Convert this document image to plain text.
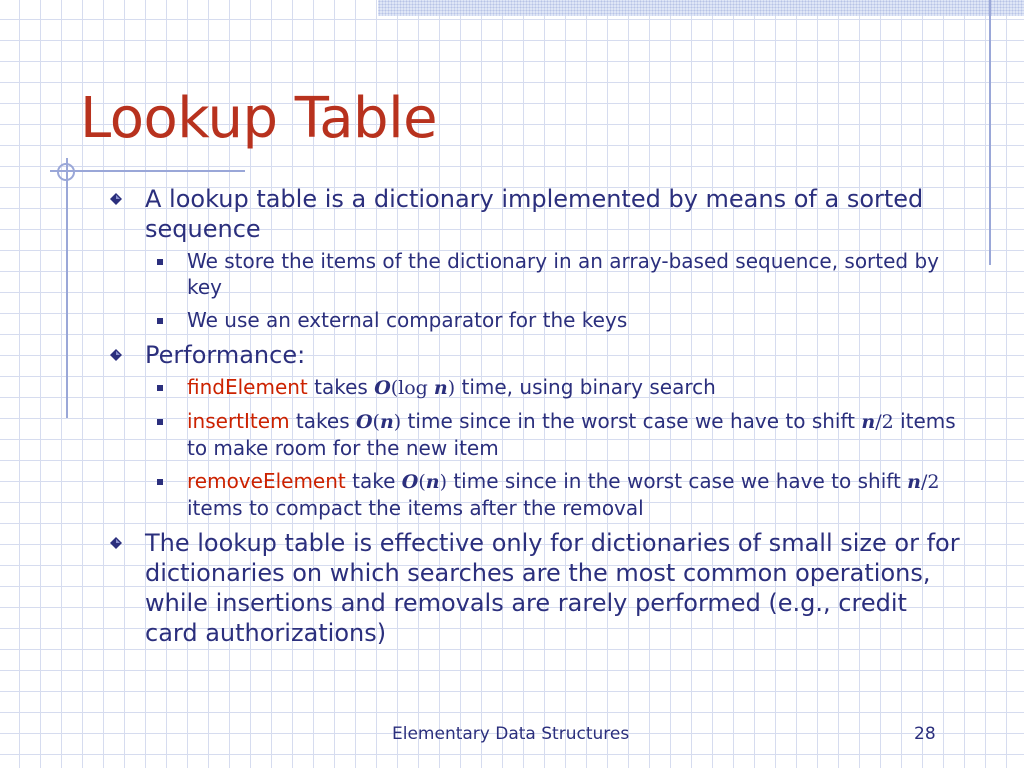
Lookup Table
A lookup table is a dictionary implemented by means of a sorted sequence
We store the items of the dictionary in an array-based sequence, sorted by key
We use an external comparator for the keys
Performance:
findElement takes O(log n) time, using binary search
insertItem takes O(n) time since in the worst case we have to shift n/2 items to make room for the new item
removeElement take O(n) time since in the worst case we have to shift n/2 items to compact the items after the removal
The lookup table is effective only for dictionaries of small size or for dictionaries on which searches are the most common operations, while insertions and removals are rarely performed (e.g., credit card authorizations)
Elementary Data Structures	28
